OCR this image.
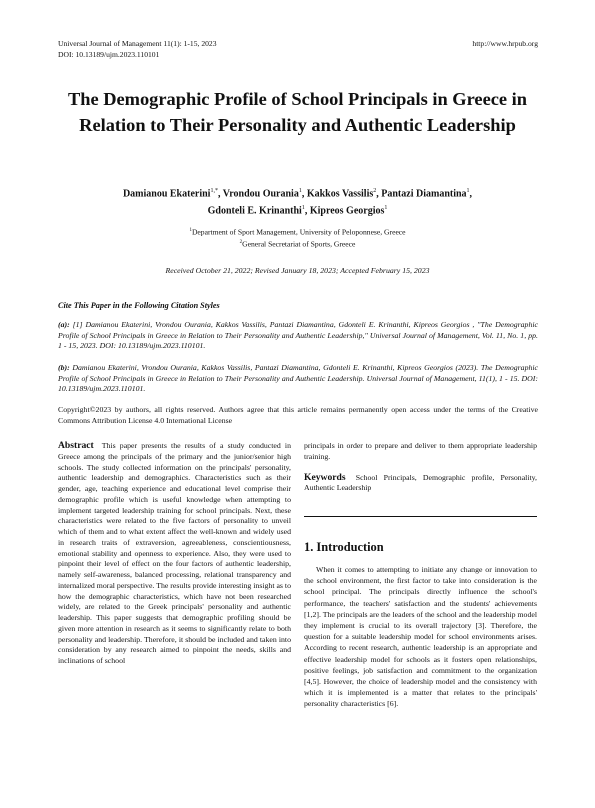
Universal Journal of Management 11(1): 1-15, 2023
DOI: 10.13189/ujm.2023.110101
http://www.hrpub.org
The Demographic Profile of School Principals in Greece in Relation to Their Personality and Authentic Leadership
Damianou Ekaterini$^{1,*}$, Vrondou Ourania$^1$, Kakkos Vassilis$^2$, Pantazi Diamantina$^1$,
Gdonteli E. Krinanthi$^1$, Kipreos Georgios$^1$
$^1$Department of Sport Management, University of Peloponnese, Greece
$^2$General Secretariat of Sports, Greece
Received October 21, 2022; Revised January 18, 2023; Accepted February 15, 2023
Cite This Paper in the Following Citation Styles
(a): [1] Damianou Ekaterini, Vrondou Ourania, Kakkos Vassilis, Pantazi Diamantina, Gdonteli E. Krinanthi, Kipreos Georgios , "The Demographic Profile of School Principals in Greece in Relation to Their Personality and Authentic Leadership," Universal Journal of Management, Vol. 11, No. 1, pp. 1 - 15, 2023. DOI: 10.13189/ujm.2023.110101.
(b): Damianou Ekaterini, Vrondou Ourania, Kakkos Vassilis, Pantazi Diamantina, Gdonteli E. Krinanthi, Kipreos Georgios (2023). The Demographic Profile of School Principals in Greece in Relation to Their Personality and Authentic Leadership. Universal Journal of Management, 11(1), 1 - 15. DOI: 10.13189/ujm.2023.110101.
Copyright©2023 by authors, all rights reserved. Authors agree that this article remains permanently open access under the terms of the Creative Commons Attribution License 4.0 International License
Abstract This paper presents the results of a study conducted in Greece among the principals of the primary and the junior/senior high schools. The study collected information on the principals' personality, authentic leadership and demographics. Characteristics such as their gender, age, teaching experience and educational level comprise their demographic profile which is useful knowledge when attempting to implement targeted leadership training for school principals. Next, these characteristics were related to the five factors of personality to unveil which of them and to what extent affect the well-known and widely used in research traits of extraversion, agreeableness, conscientiousness, emotional stability and openness to experience. Also, they were used to pinpoint their level of effect on the four factors of authentic leadership, namely self-awareness, balanced processing, relational transparency and internalized moral perspective. The results provide interesting insight as to how the demographic characteristics, which have not been researched widely, are related to the Greek principals' personality and authentic leadership. This paper suggests that demographic profiling should be given more attention in research as it seems to significantly relate to both personality and leadership. Therefore, it should be included and taken into consideration by any research aimed to pinpoint the needs, skills and inclinations of school
principals in order to prepare and deliver to them appropriate leadership training.
Keywords School Principals, Demographic profile, Personality, Authentic Leadership
1. Introduction
When it comes to attempting to initiate any change or innovation to the school environment, the first factor to take into consideration is the school principal. The principals directly influence the school's performance, the teachers' satisfaction and the students' achievements [1,2]. The principals are the leaders of the school and the leadership model they implement is crucial to its overall trajectory [3]. Therefore, the question for a suitable leadership model for school environments arises. According to recent research, authentic leadership is an appropriate and effective leadership model for schools as it fosters open relationships, positive feelings, job satisfaction and commitment to the organization [4,5]. However, the choice of leadership model and the consistency with which it is implemented is a matter that relates to the principals' personality characteristics [6].
